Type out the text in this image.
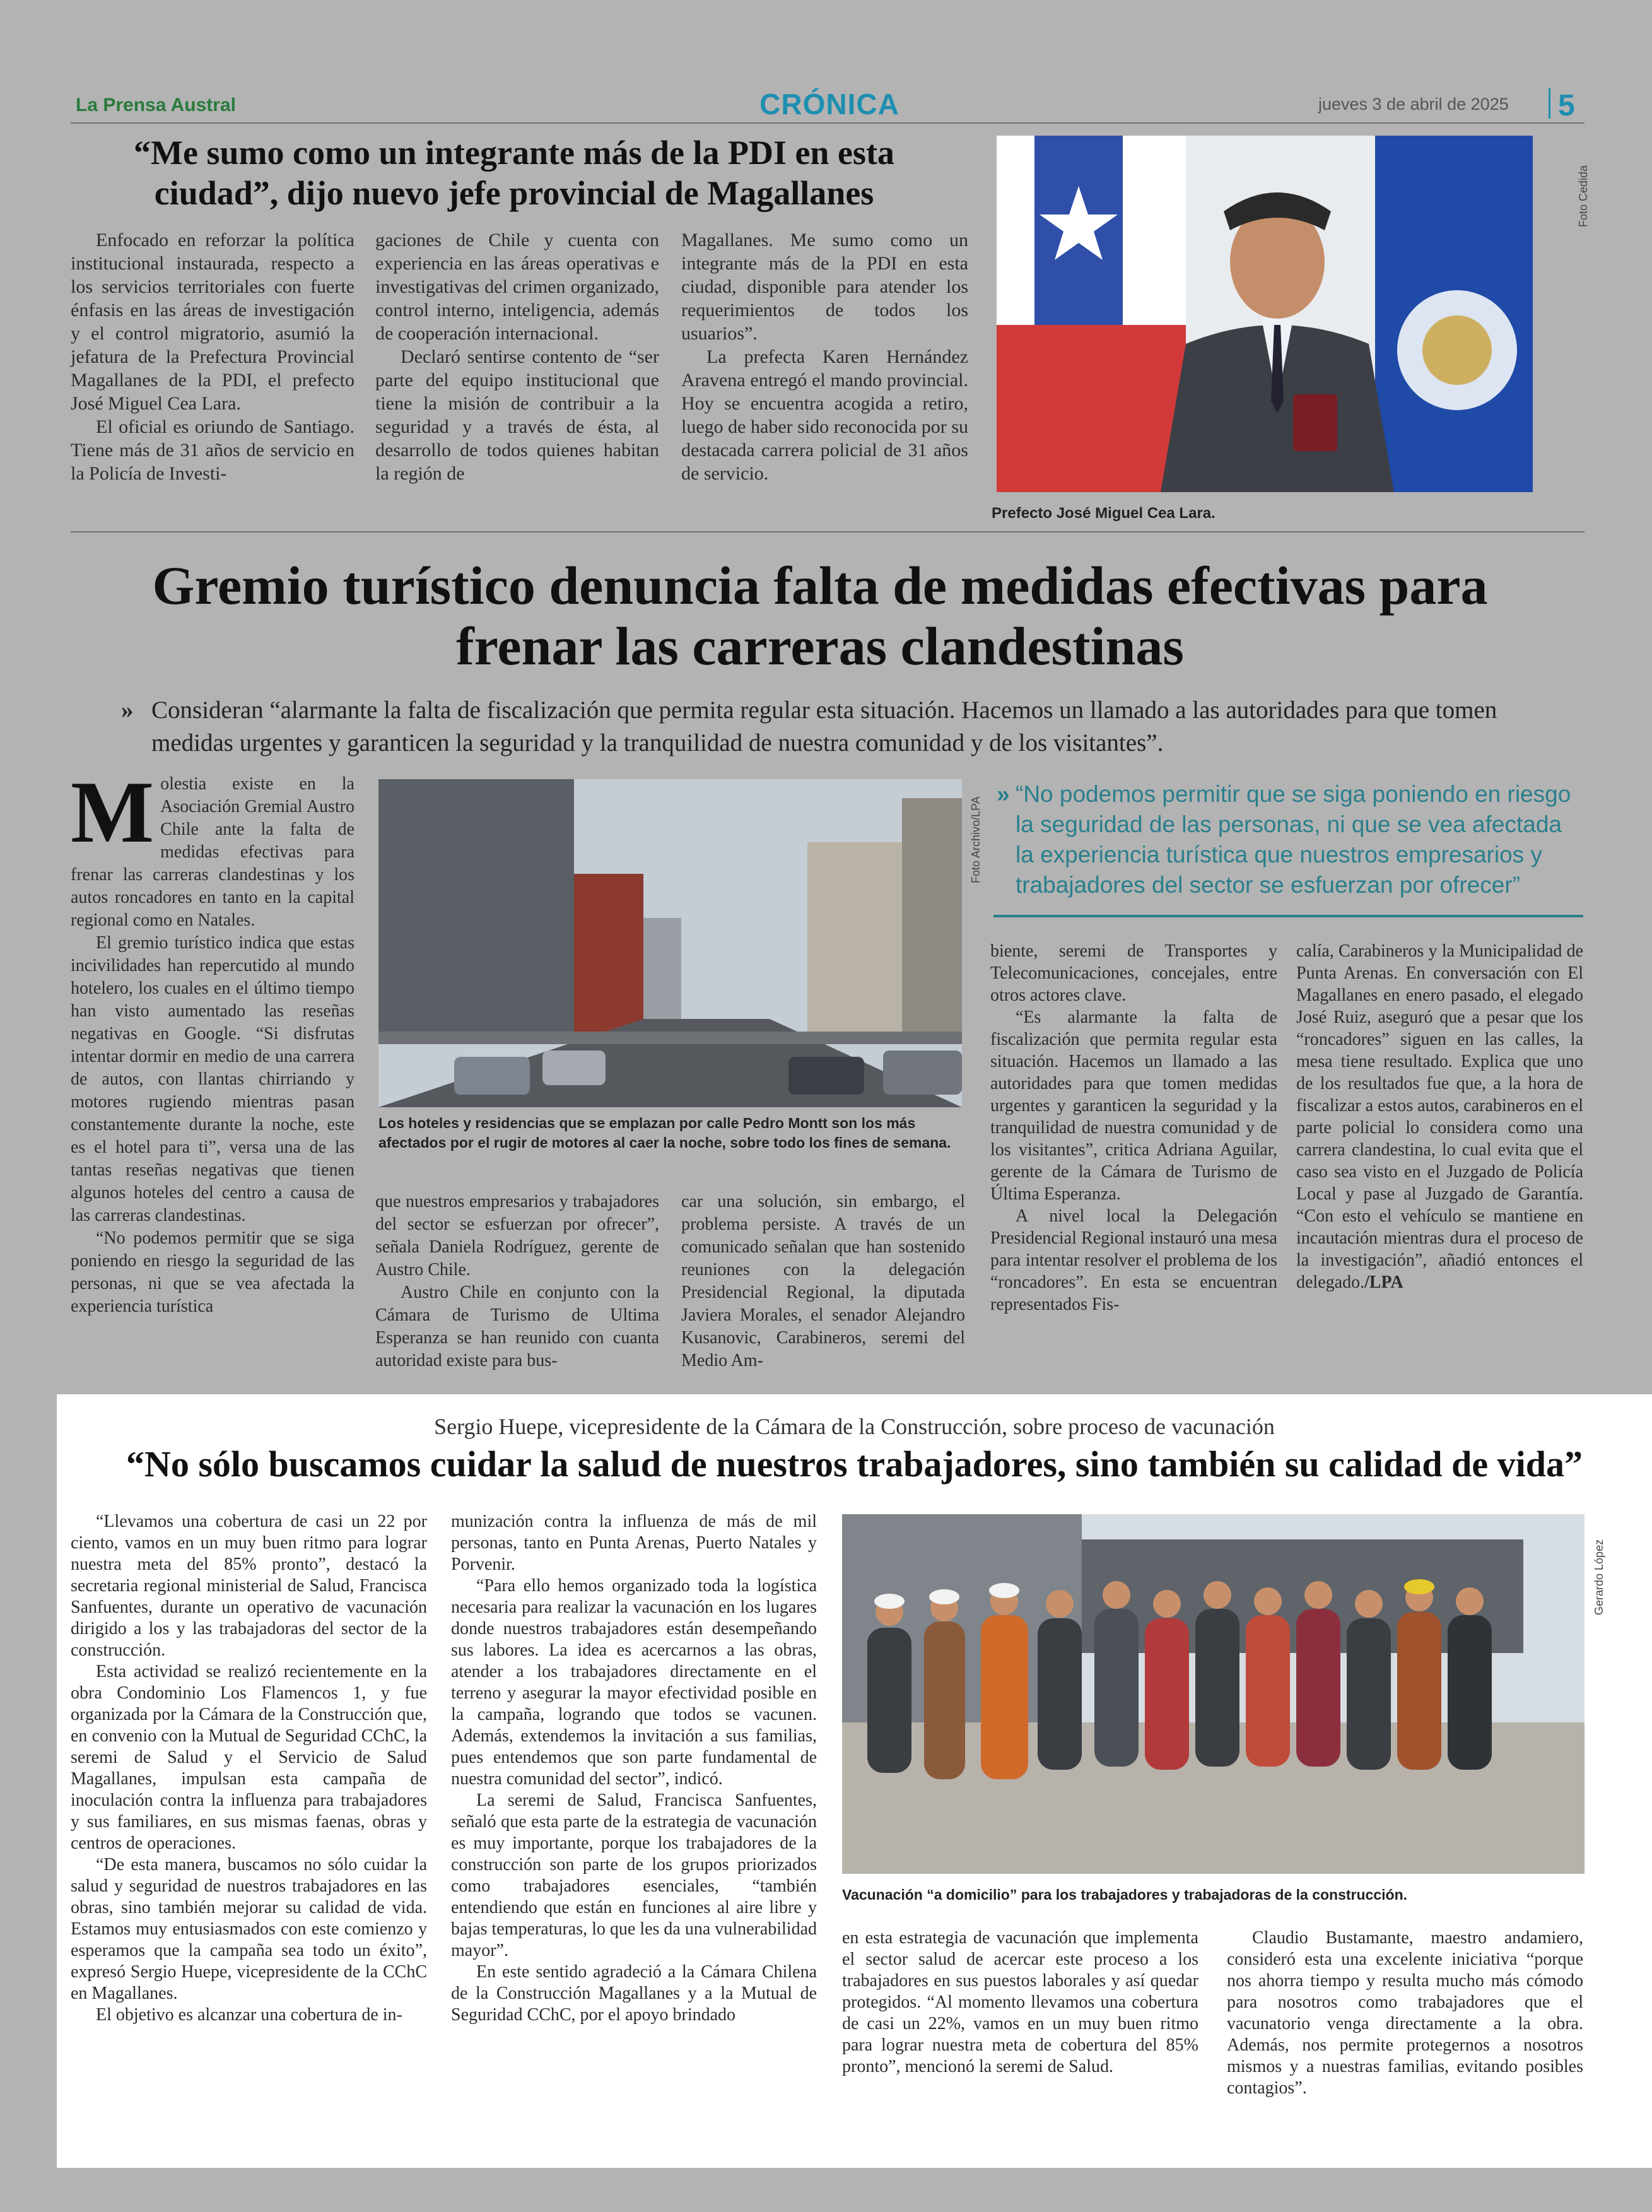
La Prensa Austral	CRÓNICA	jueves 3 de abril de 2025 5
“Me sumo como un integrante más de la PDI en esta ciudad”, dijo nuevo jefe provincial de Magallanes

Enfocado en reforzar la política institucional instaurada, respecto a los servicios territoriales con fuerte énfasis en las áreas de investigación y el control migratorio, asumió la jefatura de la Prefectura Provincial Magallanes de la PDI, el prefecto José Miguel Cea Lara.

El oficial es oriundo de Santiago. Tiene más de 31 años de servicio en la Policía de Investi-

gaciones de Chile y cuenta con experiencia en las áreas operativas e investigativas del crimen organizado, control interno, inteligencia, además de cooperación internacional.

Declaró sentirse contento de “ser parte del equipo institucional que tiene la misión de contribuir a la seguridad y a través de ésta, al desarrollo de todos quienes habitan la región de

Magallanes. Me sumo como un integrante más de la PDI en esta ciudad, disponible para atender los requerimientos de todos los usuarios”.

La prefecta Karen Hernández Aravena entregó el mando provincial. Hoy se encuentra acogida a retiro, luego de haber sido reconocida por su destacada carrera policial de 31 años de servicio.

Foto Cedida
Prefecto José Miguel Cea Lara.
Gremio turístico denuncia falta de medidas efectivas para frenar las carreras clandestinas
» Consideran “alarmante la falta de fiscalización que permita regular esta situación. Hacemos un llamado a las autoridades para que tomen medidas urgentes y garanticen la seguridad y la tranquilidad de nuestra comunidad y de los visitantes”.
M olestia existe en la Asociación Gremial Austro Chile ante la falta de medidas efectivas para frenar las carreras clandestinas y los autos roncadores en tanto en la capital regional como en Natales.

El gremio turístico indica que estas incivilidades han repercutido al mundo hotelero, los cuales en el último tiempo han visto aumentado las reseñas negativas en Google. “Si disfrutas intentar dormir en medio de una carrera de autos, con llantas chirriando y motores rugiendo mientras pasan constantemente durante la noche, este es el hotel para ti”, versa una de las tantas reseñas negativas que tienen algunos hoteles del centro a causa de las carreras clandestinas.

“No podemos permitir que se siga poniendo en riesgo la seguridad de las personas, ni que se vea afectada la experiencia turística

Foto Archivo/LPA
Los hoteles y residencias que se emplazan por calle Pedro Montt son los más afectados por el rugir de motores al caer la noche, sobre todo los fines de semana.

que nuestros empresarios y trabajadores del sector se esfuerzan por ofrecer”, señala Daniela Rodríguez, gerente de Austro Chile.

Austro Chile en conjunto con la Cámara de Turismo de Ultima Esperanza se han reunido con cuanta autoridad existe para bus-

car una solución, sin embargo, el problema persiste. A través de un comunicado señalan que han sostenido reuniones con la delegación Presidencial Regional, la diputada Javiera Morales, el senador Alejandro Kusanovic, Carabineros, seremi del Medio Am-

» “No podemos permitir que se siga poniendo en riesgo la seguridad de las personas, ni que se vea afectada la experiencia turística que nuestros empresarios y trabajadores del sector se esfuerzan por ofrecer”

biente, seremi de Transportes y Telecomunicaciones, concejales, entre otros actores clave.

“Es alarmante la falta de fiscalización que permita regular esta situación. Hacemos un llamado a las autoridades para que tomen medidas urgentes y garanticen la seguridad y la tranquilidad de nuestra comunidad y de los visitantes”, critica Adriana Aguilar, gerente de la Cámara de Turismo de Última Esperanza.

A nivel local la Delegación Presidencial Regional instauró una mesa para intentar resolver el problema de los “roncadores”. En esta se encuentran representados Fis-

calía, Carabineros y la Municipalidad de Punta Arenas. En conversación con El Magallanes en enero pasado, el elegado José Ruiz, aseguró que a pesar que los “roncadores” siguen en las calles, la mesa tiene resultado. Explica que uno de los resultados fue que, a la hora de fiscalizar a estos autos, carabineros en el parte policial lo considera como una carrera clandestina, lo cual evita que el caso sea visto en el Juzgado de Policía Local y pase al Juzgado de Garantía. “Con esto el vehículo se mantiene en incautación mientras dura el proceso de la investigación”, añadió entonces el delegado./LPA

Sergio Huepe, vicepresidente de la Cámara de la Construcción, sobre proceso de vacunación
“No sólo buscamos cuidar la salud de nuestros trabajadores, sino también su calidad de vida”

“Llevamos una cobertura de casi un 22 por ciento, vamos en un muy buen ritmo para lograr nuestra meta del 85% pronto”, destacó la secretaria regional ministerial de Salud, Francisca Sanfuentes, durante un operativo de vacunación dirigido a los y las trabajadoras del sector de la construcción.

Esta actividad se realizó recientemente en la obra Condominio Los Flamencos 1, y fue organizada por la Cámara de la Construcción que, en convenio con la Mutual de Seguridad CChC, la seremi de Salud y el Servicio de Salud Magallanes, impulsan esta campaña de inoculación contra la influenza para trabajadores y sus familiares, en sus mismas faenas, obras y centros de operaciones.

“De esta manera, buscamos no sólo cuidar la salud y seguridad de nuestros trabajadores en las obras, sino también mejorar su calidad de vida. Estamos muy entusiasmados con este comienzo y esperamos que la campaña sea todo un éxito”, expresó Sergio Huepe, vicepresidente de la CChC en Magallanes.

El objetivo es alcanzar una cobertura de in-

munización contra la influenza de más de mil personas, tanto en Punta Arenas, Puerto Natales y Porvenir.

“Para ello hemos organizado toda la logística necesaria para realizar la vacunación en los lugares donde nuestros trabajadores están desempeñando sus labores. La idea es acercarnos a las obras, atender a los trabajadores directamente en el terreno y asegurar la mayor efectividad posible en la campaña, logrando que todos se vacunen. Además, extendemos la invitación a sus familias, pues entendemos que son parte fundamental de nuestra comunidad del sector”, indicó.

La seremi de Salud, Francisca Sanfuentes, señaló que esta parte de la estrategia de vacunación es muy importante, porque los trabajadores de la construcción son parte de los grupos priorizados como trabajadores esenciales, “también entendiendo que están en funciones al aire libre y bajas temperaturas, lo que les da una vulnerabilidad mayor”.

En este sentido agradeció a la Cámara Chilena de la Construcción Magallanes y a la Mutual de Seguridad CChC, por el apoyo brindado

Gerardo López
Vacunación “a domicilio” para los trabajadores y trabajadoras de la construcción.

en esta estrategia de vacunación que implementa el sector salud de acercar este proceso a los trabajadores en sus puestos laborales y así quedar protegidos. “Al momento llevamos una cobertura de casi un 22%, vamos en un muy buen ritmo para lograr nuestra meta de cobertura del 85% pronto”, mencionó la seremi de Salud.

Claudio Bustamante, maestro andamiero, consideró esta una excelente iniciativa “porque nos ahorra tiempo y resulta mucho más cómodo para nosotros como trabajadores que el vacunatorio venga directamente a la obra. Además, nos permite protegernos a nosotros mismos y a nuestras familias, evitando posibles contagios”.
